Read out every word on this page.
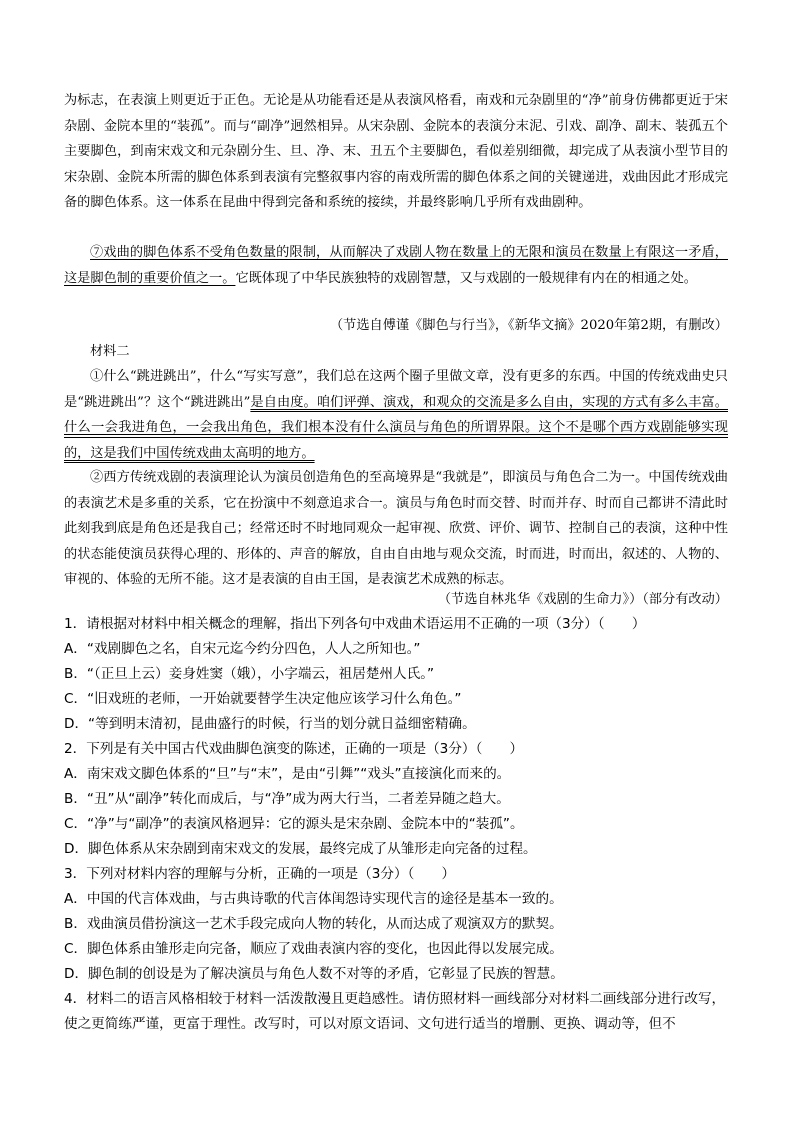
为标志，在表演上则更近于正色。无论是从功能看还是从表演风格看，南戏和元杂剧里的“净”前身仿佛都更近于宋杂剧、金院本里的“装孤”。而与“副净”迥然相异。从宋杂剧、金院本的表演分末泥、引戏、副净、副末、装孤五个主要脚色，到南宋戏文和元杂剧分生、旦、净、末、丑五个主要脚色，看似差别细微，却完成了从表演小型节目的宋杂剧、金院本所需的脚色体系到表演有完整叙事内容的南戏所需的脚色体系之间的关键递进，戏曲因此才形成完备的脚色体系。这一体系在昆曲中得到完备和系统的接续，并最终影响几乎所有戏曲剧种。
⑦戏曲的脚色体系不受角色数量的限制，从而解决了戏剧人物在数量上的无限和演员在数量上有限这一矛盾，这是脚色制的重要价值之一。它既体现了中华民族独特的戏剧智慧，又与戏剧的一般规律有内在的相通之处。
（节选自傅谨《脚色与行当》，《新华文摘》2020年第2期，有删改）
材料二
①什么“跳进跳出”，什么“写实写意”，我们总在这两个圈子里做文章，没有更多的东西。中国的传统戏曲史只是“跳进跳出”？这个“跳进跳出”是自由度。咱们评弹、演戏，和观众的交流是多么自由，实现的方式有多么丰富。什么一会我进角色，一会我出角色，我们根本没有什么演员与角色的所谓界限。这个不是哪个西方戏剧能够实现的，这是我们中国传统戏曲太高明的地方。
②西方传统戏剧的表演理论认为演员创造角色的至高境界是“我就是”，即演员与角色合二为一。中国传统戏曲的表演艺术是多重的关系，它在扮演中不刻意追求合一。演员与角色时而交替、时而并存、时而自己都讲不清此时此刻我到底是角色还是我自己；经常还时不时地同观众一起审视、欣赏、评价、调节、控制自己的表演，这种中性的状态能使演员获得心理的、形体的、声音的解放，自由自由地与观众交流，时而进，时而出，叙述的、人物的、审视的、体验的无所不能。这才是表演的自由王国，是表演艺术成熟的标志。
（节选自林兆华《戏剧的生命力》）（部分有改动）
1．请根据对材料中相关概念的理解，指出下列各句中戏曲术语运用不正确的一项（3分）（　　）
A．“戏剧脚色之名，自宋元迄今约分四色，人人之所知也。”
B．“（正旦上云）妾身姓窦（娥），小字端云，祖居楚州人氏。”
C．“旧戏班的老师，一开始就要替学生决定他应该学习什么角色。”
D．“等到明末清初，昆曲盛行的时候，行当的划分就日益细密精确。
2．下列是有关中国古代戏曲脚色演变的陈述，正确的一项是（3分）（　　）
A．南宋戏文脚色体系的“旦”与“末”，是由“引舞”“戏头”直接演化而来的。
B．“丑”从“副净”转化而成后，与“净”成为两大行当，二者差异随之趋大。
C．“净”与“副净”的表演风格迥异：它的源头是宋杂剧、金院本中的“装孤”。
D．脚色体系从宋杂剧到南宋戏文的发展，最终完成了从雏形走向完备的过程。
3．下列对材料内容的理解与分析，正确的一项是（3分）（　　）
A．中国的代言体戏曲，与古典诗歌的代言体闺怨诗实现代言的途径是基本一致的。
B．戏曲演员借扮演这一艺术手段完成向人物的转化，从而达成了观演双方的默契。
C．脚色体系由雏形走向完备，顺应了戏曲表演内容的变化，也因此得以发展完成。
D．脚色制的创设是为了解决演员与角色人数不对等的矛盾，它彰显了民族的智慧。
4．材料二的语言风格相较于材料一活泼散漫且更趋感性。请仿照材料一画线部分对材料二画线部分进行改写，使之更简练严谨，更富于理性。改写时，可以对原文语词、文句进行适当的增删、更换、调动等，但不
